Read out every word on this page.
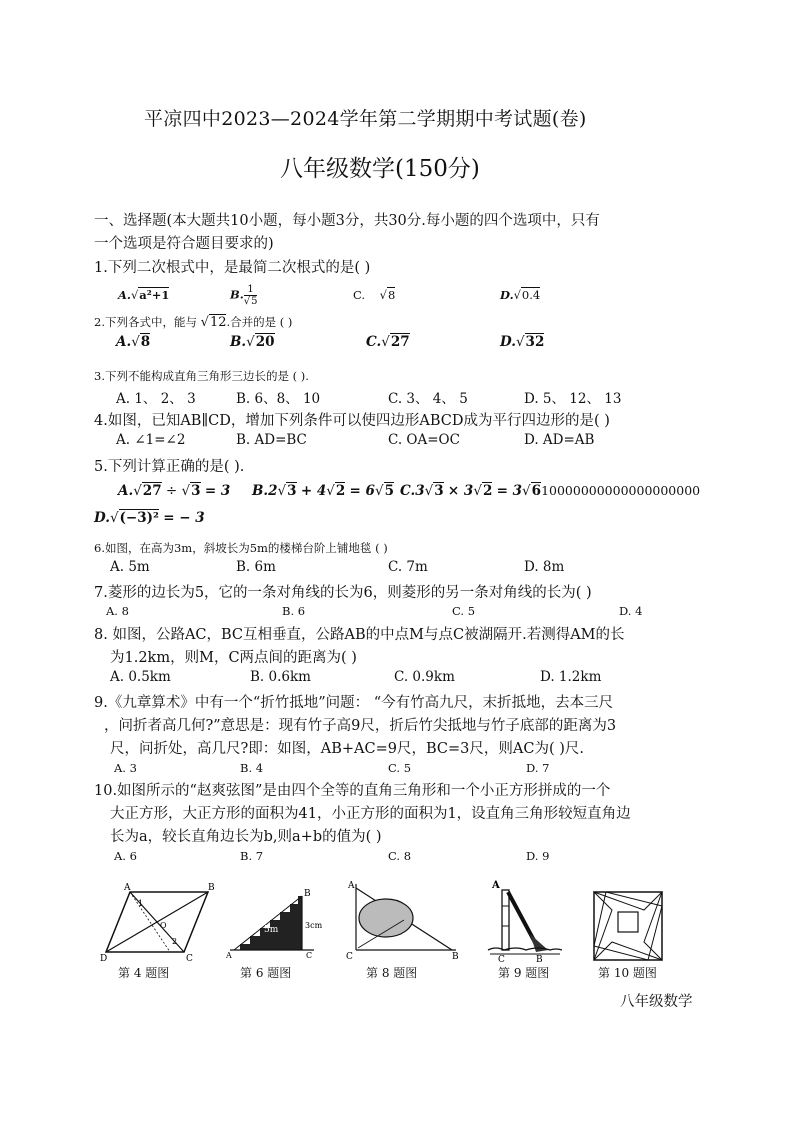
平凉四中2023—2024学年第二学期期中考试题(卷)
八年级数学(150分)
一、选择题(本大题共10小题，每小题3分，共30分.每小题的四个选项中，只有
一个选项是符合题目要求的)
1.下列二次根式中，是最简二次根式的是( )
A.√a²+1	B. $\frac{1}{√5}$	C. √8	D.√0.4
2.下列各式中，能与 √12.合并的是 ( )
A.√8	B.√20	C.√27	D.√32
3.下列不能构成直角三角形三边长的是 ( ).
A. 1、 2、 3	B. 6、8、 10	C. 3、 4、 5	D. 5、 12、 13
4.如图，已知AB∥CD，增加下列条件可以使四边形ABCD成为平行四边形的是( )
A. ∠1=∠2	B. AD=BC	C. OA=OC	D. AD=AB
5.下列计算正确的是( ).
A.√27 ÷ √3 = 3 B.2√3 + 4√2 = 6√5 C.3√3 × 3√2 = 3√610000000000000000000
D.√(−3)² = − 3
6.如图，在高为3m，斜坡长为5m的楼梯台阶上铺地毯 ( )
A. 5m	B. 6m	C. 7m	D. 8m
7.菱形的边长为5，它的一条对角线的长为6，则菱形的另一条对角线的长为( )
A. 8	B. 6	C. 5	D. 4
8. 如图，公路AC，BC互相垂直，公路AB的中点M与点C被湖隔开.若测得AM的长
为1.2km，则M，C两点间的距离为( )
A. 0.5km	B. 0.6km	C. 0.9km	D. 1.2km
9.《九章算术》中有一个“折竹抵地”问题： “今有竹高九尺，末折抵地，去本三尺
，问折者高几何?”意思是：现有竹子高9尺，折后竹尖抵地与竹子底部的距离为3
尺，问折处，高几尺?即：如图，AB+AC=9尺，BC=3尺，则AC为( )尺.
A. 3	B. 4	C. 5	D. 7
10.如图所示的“赵爽弦图”是由四个全等的直角三角形和一个小正方形拼成的一个
大正方形，大正方形的面积为41，小正方形的面积为1，设直角三角形较短直角边
长为a，较长直角边长为b,则a+b的值为( )
A. 6	B. 7	C. 8	D. 9
A	B
C
D
O
1
2
第 4 题图
A
B
C
5m	3cm
第 6 题图
A
B
C
第 8 题图
A
C	B
第 9 题图	第 10 题图
八年级数学
